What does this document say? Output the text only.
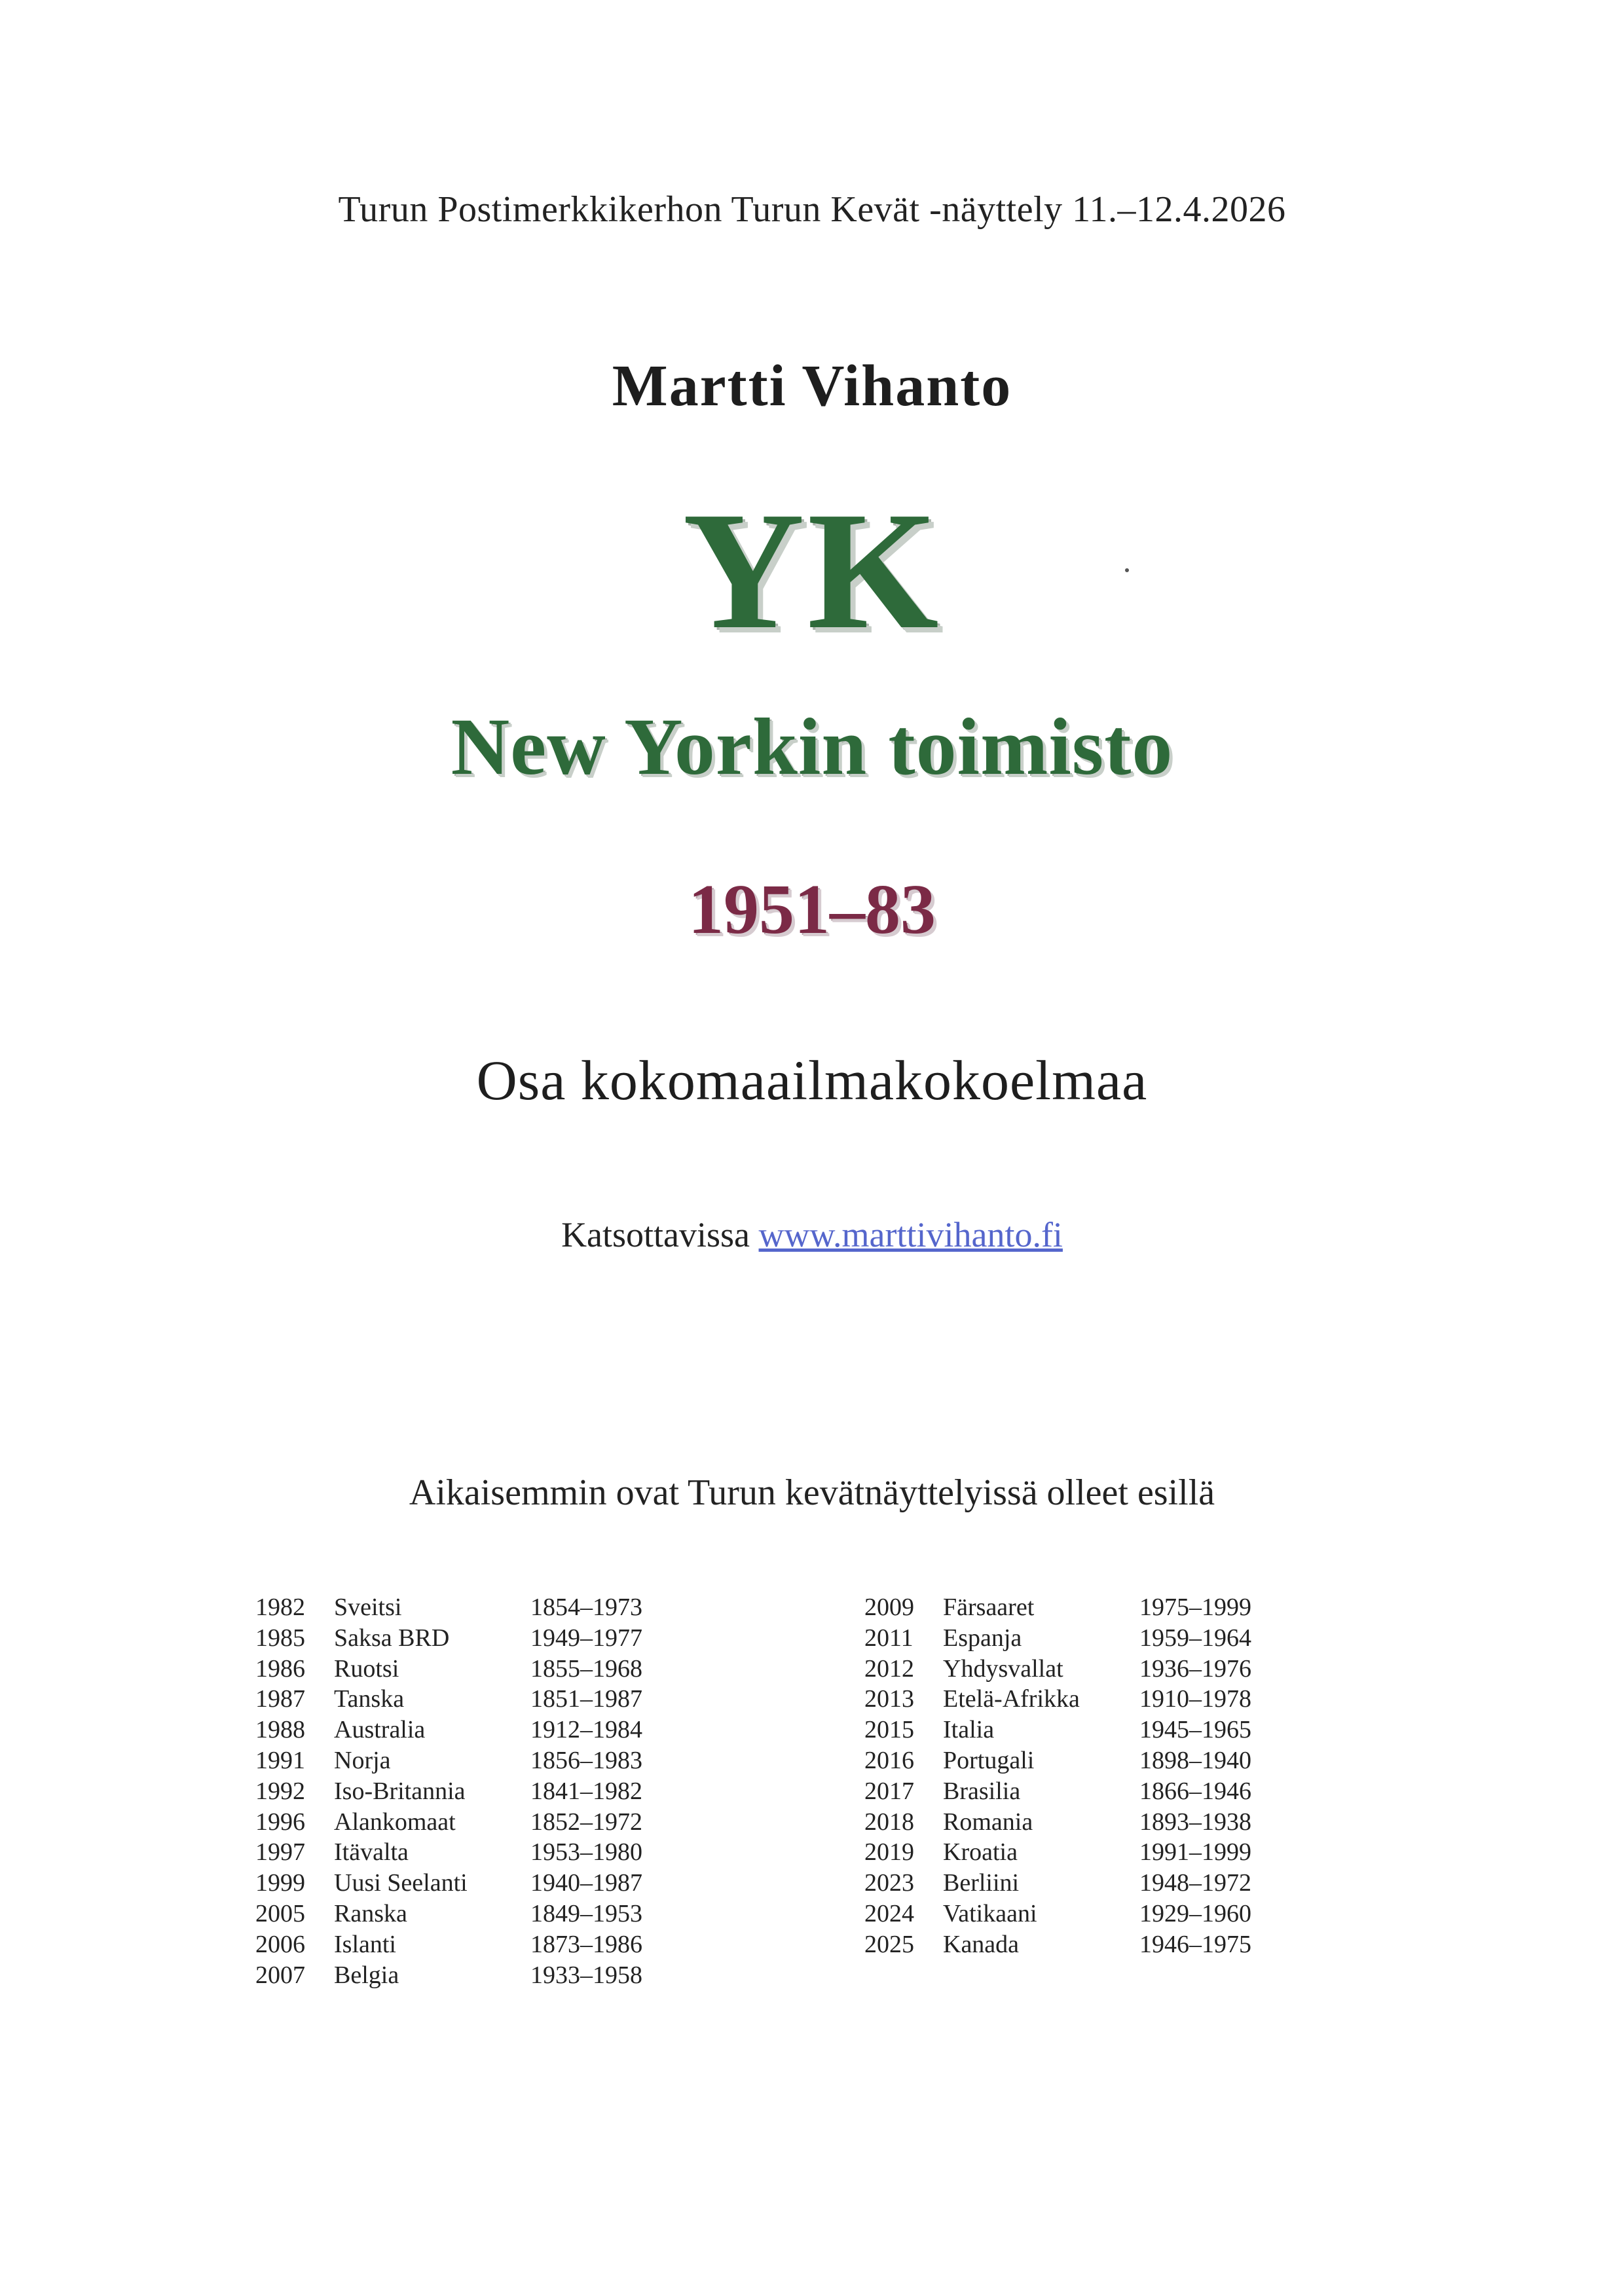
Turun Postimerkkikerhon Turun Kevät -näyttely 11.–12.4.2026
Martti Vihanto
YK
New Yorkin toimisto
1951–83
Osa kokomaailmakokoelmaa
Katsottavissa www.marttivihanto.fi
Aikaisemmin ovat Turun kevätnäyttelyissä olleet esillä
1982	Sveitsi	1854–1973
1985	Saksa BRD	1949–1977
1986	Ruotsi	1855–1968
1987	Tanska	1851–1987
1988	Australia	1912–1984
1991	Norja	1856–1983
1992	Iso-Britannia	1841–1982
1996	Alankomaat	1852–1972
1997	Itävalta	1953–1980
1999	Uusi Seelanti	1940–1987
2005	Ranska	1849–1953
2006	Islanti	1873–1986
2007	Belgia	1933–1958
2009	Färsaaret	1975–1999
2011	Espanja	1959–1964
2012	Yhdysvallat	1936–1976
2013	Etelä-Afrikka	1910–1978
2015	Italia	1945–1965
2016	Portugali	1898–1940
2017	Brasilia	1866–1946
2018	Romania	1893–1938
2019	Kroatia	1991–1999
2023	Berliini	1948–1972
2024	Vatikaani	1929–1960
2025	Kanada	1946–1975
